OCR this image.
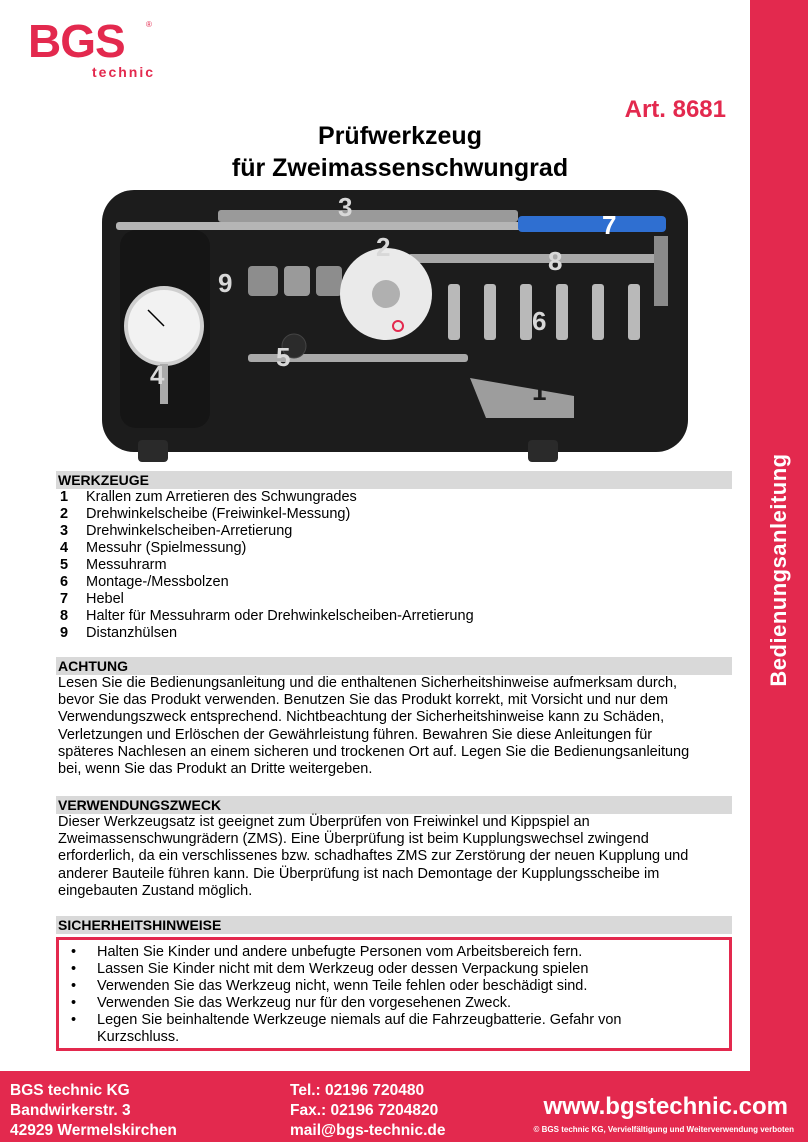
Bedienungsanleitung
BGS	®
technic
Art. 8681
Prüfwerkzeug
für Zweimassenschwungrad
3
2
7
8
9
6
5
4
1
WERKZEUGE
1	Krallen zum Arretieren des Schwungrades
2	Drehwinkelscheibe (Freiwinkel-Messung)
3	Drehwinkelscheiben-Arretierung
4	Messuhr (Spielmessung)
5	Messuhrarm
6	Montage-/Messbolzen
7	Hebel
8	Halter für Messuhrarm oder Drehwinkelscheiben-Arretierung
9	Distanzhülsen
ACHTUNG
Lesen Sie die Bedienungsanleitung und die enthaltenen Sicherheitshinweise aufmerksam durch,
bevor Sie das Produkt verwenden. Benutzen Sie das Produkt korrekt, mit Vorsicht und nur dem
Verwendungszweck entsprechend. Nichtbeachtung der Sicherheitshinweise kann zu Schäden,
Verletzungen und Erlöschen der Gewährleistung führen. Bewahren Sie diese Anleitungen für
späteres Nachlesen an einem sicheren und trockenen Ort auf. Legen Sie die Bedienungsanleitung
bei, wenn Sie das Produkt an Dritte weitergeben.
VERWENDUNGSZWECK
Dieser Werkzeugsatz ist geeignet zum Überprüfen von Freiwinkel und Kippspiel an
Zweimassenschwungrädern (ZMS). Eine Überprüfung ist beim Kupplungswechsel zwingend
erforderlich, da ein verschlissenes bzw. schadhaftes ZMS zur Zerstörung der neuen Kupplung und
anderer Bauteile führen kann. Die Überprüfung ist nach Demontage der Kupplungsscheibe im
eingebauten Zustand möglich.
SICHERHEITSHINWEISE
•	Halten Sie Kinder und andere unbefugte Personen vom Arbeitsbereich fern.
•	Lassen Sie Kinder nicht mit dem Werkzeug oder dessen Verpackung spielen
•	Verwenden Sie das Werkzeug nicht, wenn Teile fehlen oder beschädigt sind.
•	Verwenden Sie das Werkzeug nur für den vorgesehenen Zweck.
•	Legen Sie beinhaltende Werkzeuge niemals auf die Fahrzeugbatterie. Gefahr von
Kurzschluss.
BGS technic KG
Bandwirkerstr. 3
42929 Wermelskirchen
Tel.: 02196 720480
Fax.: 02196 7204820
mail@bgs-technic.de
www.bgstechnic.com
© BGS technic KG, Vervielfältigung und Weiterverwendung verboten
